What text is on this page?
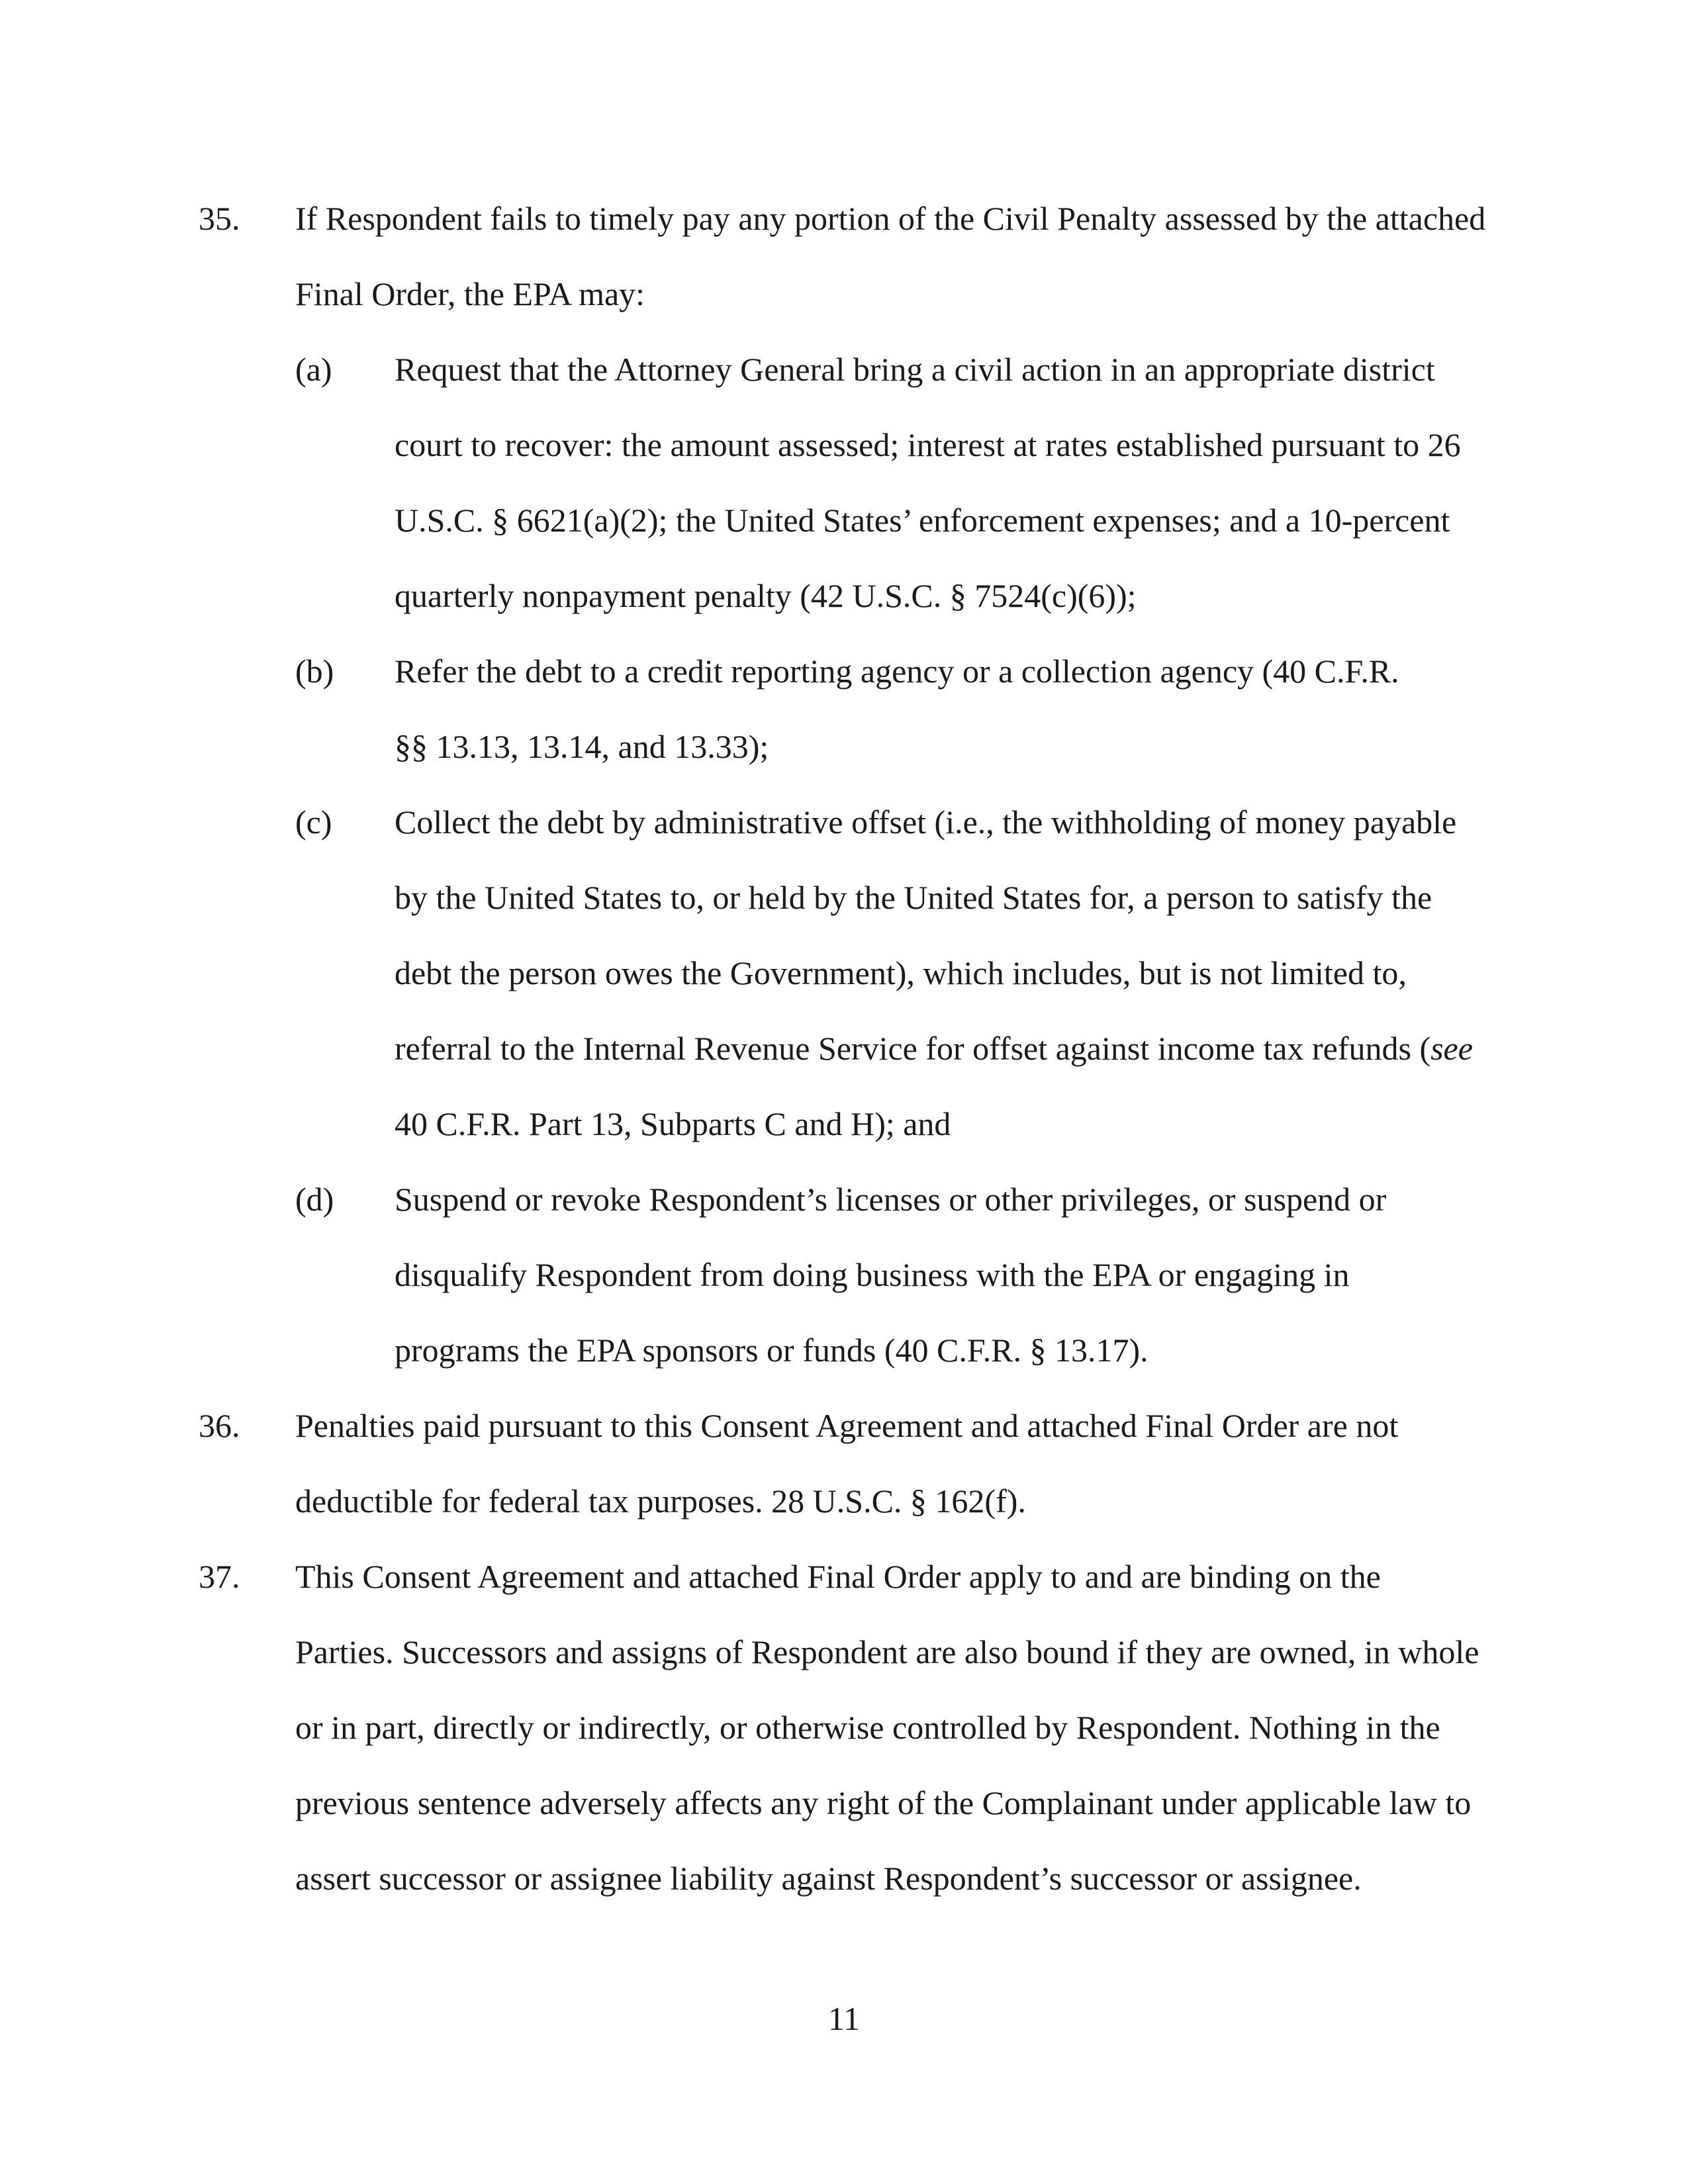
35. If Respondent fails to timely pay any portion of the Civil Penalty assessed by the attached
Final Order, the EPA may:
(a) Request that the Attorney General bring a civil action in an appropriate district
court to recover: the amount assessed; interest at rates established pursuant to 26
U.S.C. § 6621(a)(2); the United States’ enforcement expenses; and a 10-percent
quarterly nonpayment penalty (42 U.S.C. § 7524(c)(6));
(b) Refer the debt to a credit reporting agency or a collection agency (40 C.F.R.
§§ 13.13, 13.14, and 13.33);
(c) Collect the debt by administrative offset (i.e., the withholding of money payable
by the United States to, or held by the United States for, a person to satisfy the
debt the person owes the Government), which includes, but is not limited to,
referral to the Internal Revenue Service for offset against income tax refunds (see
40 C.F.R. Part 13, Subparts C and H); and
(d) Suspend or revoke Respondent’s licenses or other privileges, or suspend or
disqualify Respondent from doing business with the EPA or engaging in
programs the EPA sponsors or funds (40 C.F.R. § 13.17).
36. Penalties paid pursuant to this Consent Agreement and attached Final Order are not
deductible for federal tax purposes. 28 U.S.C. § 162(f).
37. This Consent Agreement and attached Final Order apply to and are binding on the
Parties. Successors and assigns of Respondent are also bound if they are owned, in whole
or in part, directly or indirectly, or otherwise controlled by Respondent. Nothing in the
previous sentence adversely affects any right of the Complainant under applicable law to
assert successor or assignee liability against Respondent’s successor or assignee.
11
